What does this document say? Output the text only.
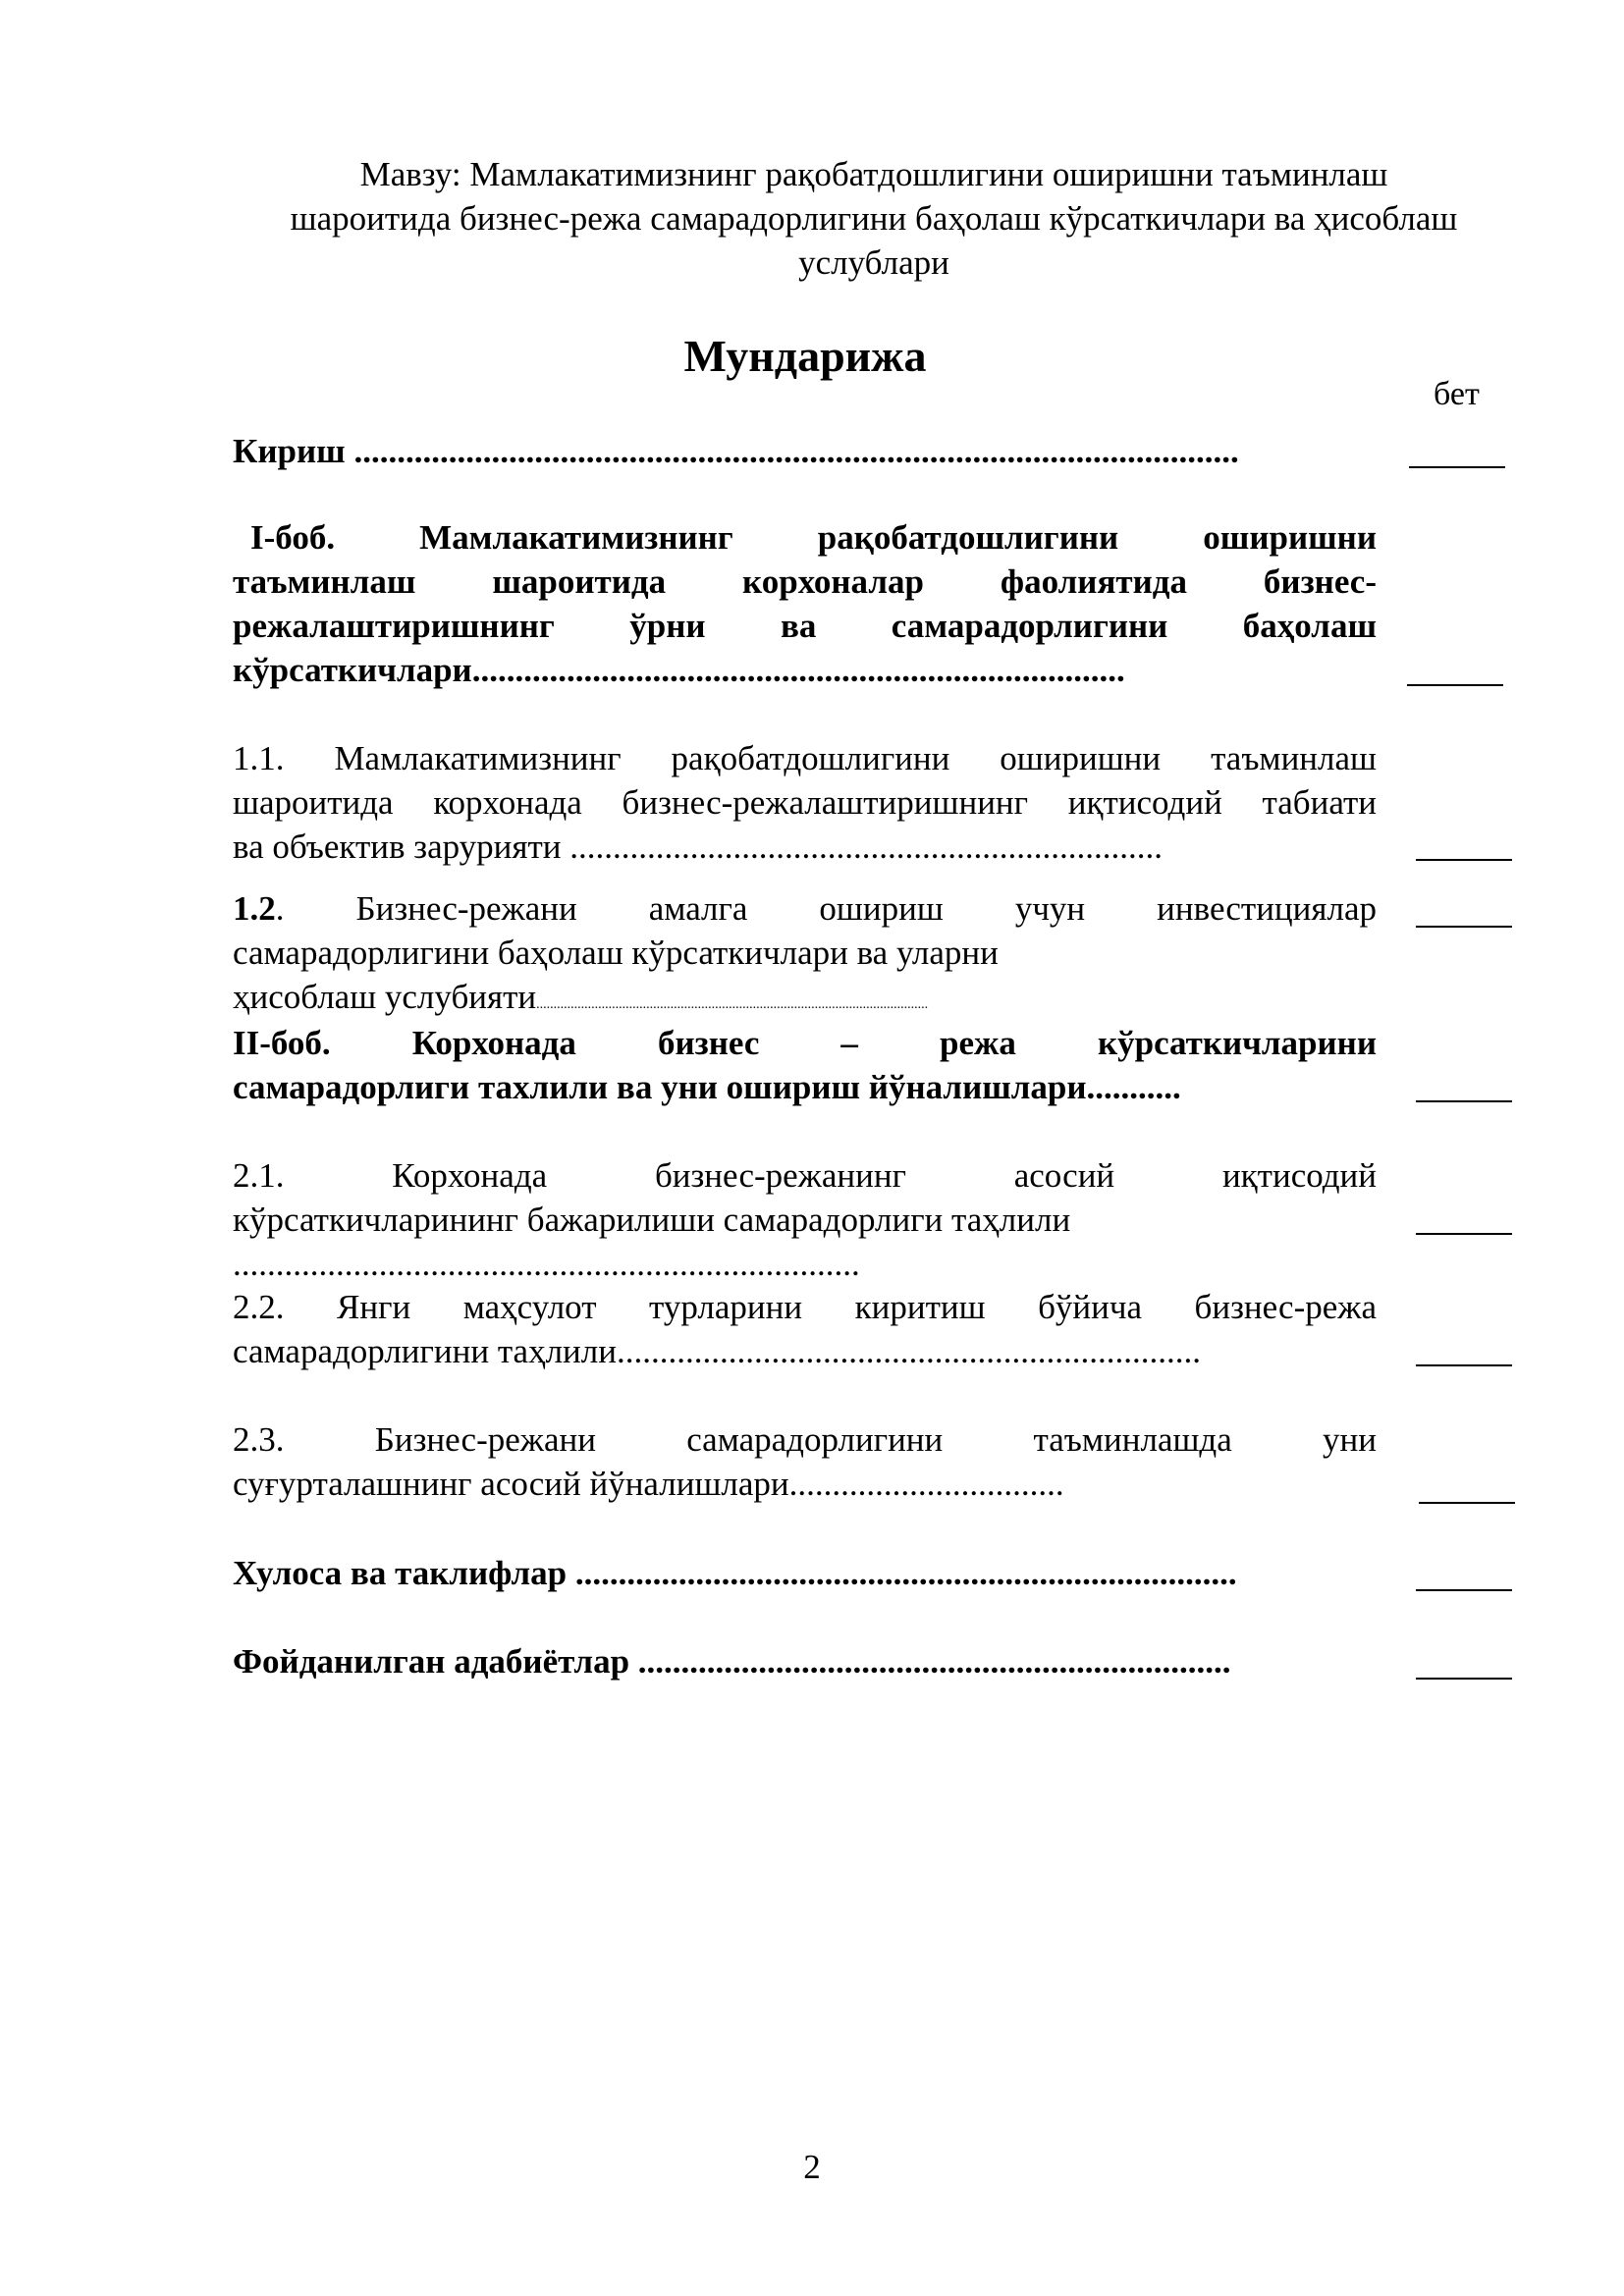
Мавзу: Мамлакатимизнинг рақобатдошлигини оширишни таъминлаш шароитида бизнес-режа самарадорлигини баҳолаш кўрсаткичлари ва ҳисоблаш услублари
Мундарижа
бет
Кириш .......................................................................................................
I-боб. Мамлакатимизнинг рақобатдошлигини оширишни
таъминлаш шароитида корхоналар фаолиятида бизнес-
режалаштиришнинг ўрни ва самарадорлигини баҳолаш
кўрсаткичлари............................................................................
1.1. Мамлакатимизнинг рақобатдошлигини оширишни таъминлаш
шароитида корхонада бизнес-режалаштиришнинг иқтисодий табиати
ва объектив зарурияти .....................................................................
1.2. Бизнес-режани амалга ошириш учун инвестициялар
самарадорлигини баҳолаш кўрсаткичлари ва уларни
ҳисоблаш услубияти..................................................................................................................
II-боб. Корхонада бизнес – режа кўрсаткичларини
самарадорлиги тахлили ва уни ошириш йўналишлари...........
2.1. Корхонада бизнес-режанинг асосий иқтисодий
кўрсаткичларининг бажарилиши самарадорлиги таҳлили
.........................................................................
2.2. Янги маҳсулот турларини киритиш бўйича бизнес-режа
самарадорлигини таҳлили....................................................................
2.3. Бизнес-режани самарадорлигини таъминлашда уни
суғурталашнинг асосий йўналишлари................................
Хулоса ва таклифлар .............................................................................
Фойданилган адабиётлар .....................................................................
2
